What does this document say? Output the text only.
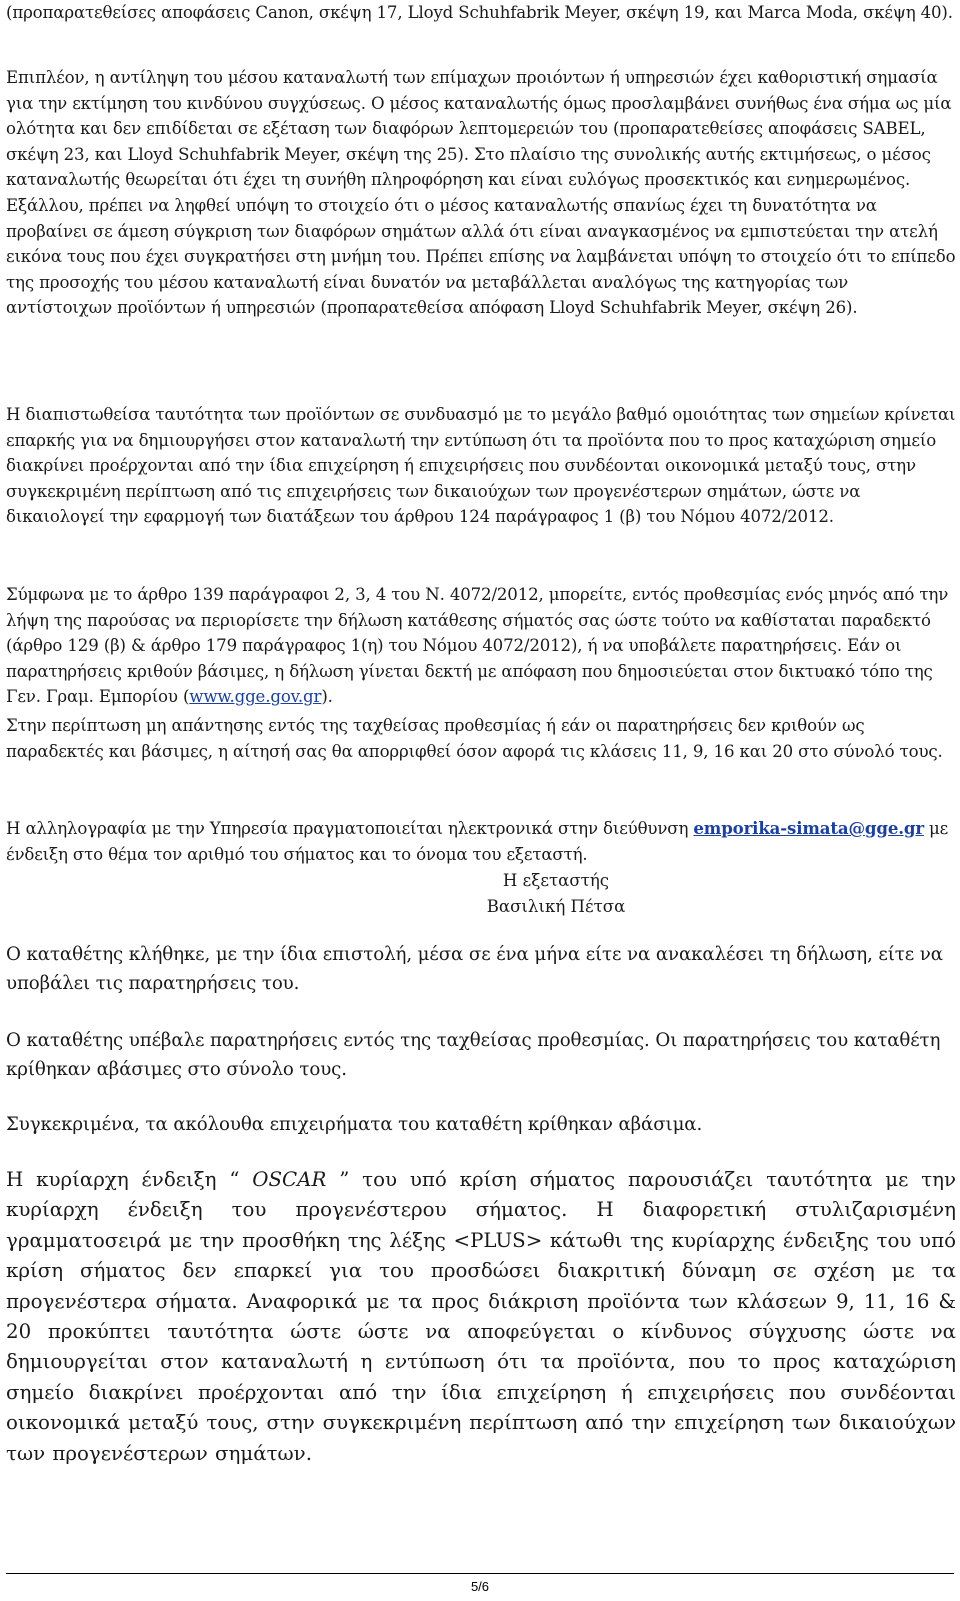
(προπαρατεθείσες αποφάσεις Canon, σκέψη 17, Lloyd Schuhfabrik Meyer, σκέψη 19, και Marca Moda, σκέψη 40).
Επιπλέον, η αντίληψη του μέσου καταναλωτή των επίμαχων προιόντων ή υπηρεσιών έχει καθοριστική σημασία για την εκτίμηση του κινδύνου συγχύσεως. Ο μέσος καταναλωτής όμως προσλαμβάνει συνήθως ένα σήμα ως μία ολότητα και δεν επιδίδεται σε εξέταση των διαφόρων λεπτομερειών του (προπαρατεθείσες αποφάσεις SABEL, σκέψη 23, και Lloyd Schuhfabrik Meyer, σκέψη της 25). Στο πλαίσιο της συνολικής αυτής εκτιμήσεως, ο μέσος καταναλωτής θεωρείται ότι έχει τη συνήθη πληροφόρηση και είναι ευλόγως προσεκτικός και ενημερωμένος. Εξάλλου, πρέπει να ληφθεί υπόψη το στοιχείο ότι ο μέσος καταναλωτής σπανίως έχει τη δυνατότητα να προβαίνει σε άμεση σύγκριση των διαφόρων σημάτων αλλά ότι είναι αναγκασμένος να εμπιστεύεται την ατελή εικόνα τους που έχει συγκρατήσει στη μνήμη του. Πρέπει επίσης να λαμβάνεται υπόψη το στοιχείο ότι το επίπεδο της προσοχής του μέσου καταναλωτή είναι δυνατόν να μεταβάλλεται αναλόγως της κατηγορίας των αντίστοιχων προϊόντων ή υπηρεσιών (προπαρατεθείσα απόφαση Lloyd Schuhfabrik Meyer, σκέψη 26).
Η διαπιστωθείσα ταυτότητα των προϊόντων σε συνδυασμό με το μεγάλο βαθμό ομοιότητας των σημείων κρίνεται επαρκής για να δημιουργήσει στον καταναλωτή την εντύπωση ότι τα προϊόντα που το προς καταχώριση σημείο διακρίνει προέρχονται από την ίδια επιχείρηση ή επιχειρήσεις που συνδέονται οικονομικά μεταξύ τους, στην συγκεκριμένη περίπτωση από τις επιχειρήσεις των δικαιούχων των προγενέστερων σημάτων, ώστε να δικαιολογεί την εφαρμογή των διατάξεων του άρθρου 124 παράγραφος 1 (β) του Νόμου 4072/2012.
Σύμφωνα με το άρθρο 139 παράγραφοι 2, 3, 4 του Ν. 4072/2012, μπορείτε, εντός προθεσμίας ενός μηνός από την λήψη της παρούσας να περιορίσετε την δήλωση κατάθεσης σήματός σας ώστε τούτο να καθίσταται παραδεκτό (άρθρο 129 (β) & άρθρο 179 παράγραφος 1(η) του Νόμου 4072/2012), ή να υποβάλετε παρατηρήσεις. Εάν οι παρατηρήσεις κριθούν βάσιμες, η δήλωση γίνεται δεκτή με απόφαση που δημοσιεύεται στον δικτυακό τόπο της Γεν. Γραμ. Εμπορίου (www.gge.gov.gr).
Στην περίπτωση μη απάντησης εντός της ταχθείσας προθεσμίας ή εάν οι παρατηρήσεις δεν κριθούν ως παραδεκτές και βάσιμες, η αίτησή σας θα απορριφθεί όσον αφορά τις κλάσεις 11, 9, 16 και 20 στο σύνολό τους.
Η αλληλογραφία με την Υπηρεσία πραγματοποιείται ηλεκτρονικά στην διεύθυνση emporika-simata@gge.gr με ένδειξη στο θέμα τον αριθμό του σήματος και το όνομα του εξεταστή.
Η εξεταστής
Βασιλική Πέτσα
Ο καταθέτης κλήθηκε, με την ίδια επιστολή, μέσα σε ένα μήνα είτε να ανακαλέσει τη δήλωση, είτε να υποβάλει τις παρατηρήσεις του.
Ο καταθέτης υπέβαλε παρατηρήσεις εντός της ταχθείσας προθεσμίας. Οι παρατηρήσεις του καταθέτη κρίθηκαν αβάσιμες στο σύνολο τους.
Συγκεκριμένα, τα ακόλουθα επιχειρήματα του καταθέτη κρίθηκαν αβάσιμα.
Η κυρίαρχη ένδειξη “ OSCAR ” του υπό κρίση σήματος παρουσιάζει ταυτότητα με την κυρίαρχη ένδειξη του προγενέστερου σήματος. Η διαφορετική στυλιζαρισμένη γραμματοσειρά με την προσθήκη της λέξης <PLUS> κάτωθι της κυρίαρχης ένδειξης του υπό κρίση σήματος δεν επαρκεί για του προσδώσει διακριτική δύναμη σε σχέση με τα προγενέστερα σήματα. Αναφορικά με τα προς διάκριση προϊόντα των κλάσεων 9, 11, 16 & 20 προκύπτει ταυτότητα ώστε ώστε να αποφεύγεται ο κίνδυνος σύγχυσης ώστε να δημιουργείται στον καταναλωτή η εντύπωση ότι τα προϊόντα, που το προς καταχώριση σημείο διακρίνει προέρχονται από την ίδια επιχείρηση ή επιχειρήσεις που συνδέονται οικονομικά μεταξύ τους, στην συγκεκριμένη περίπτωση από την επιχείρηση των δικαιούχων των προγενέστερων σημάτων.
5/6
